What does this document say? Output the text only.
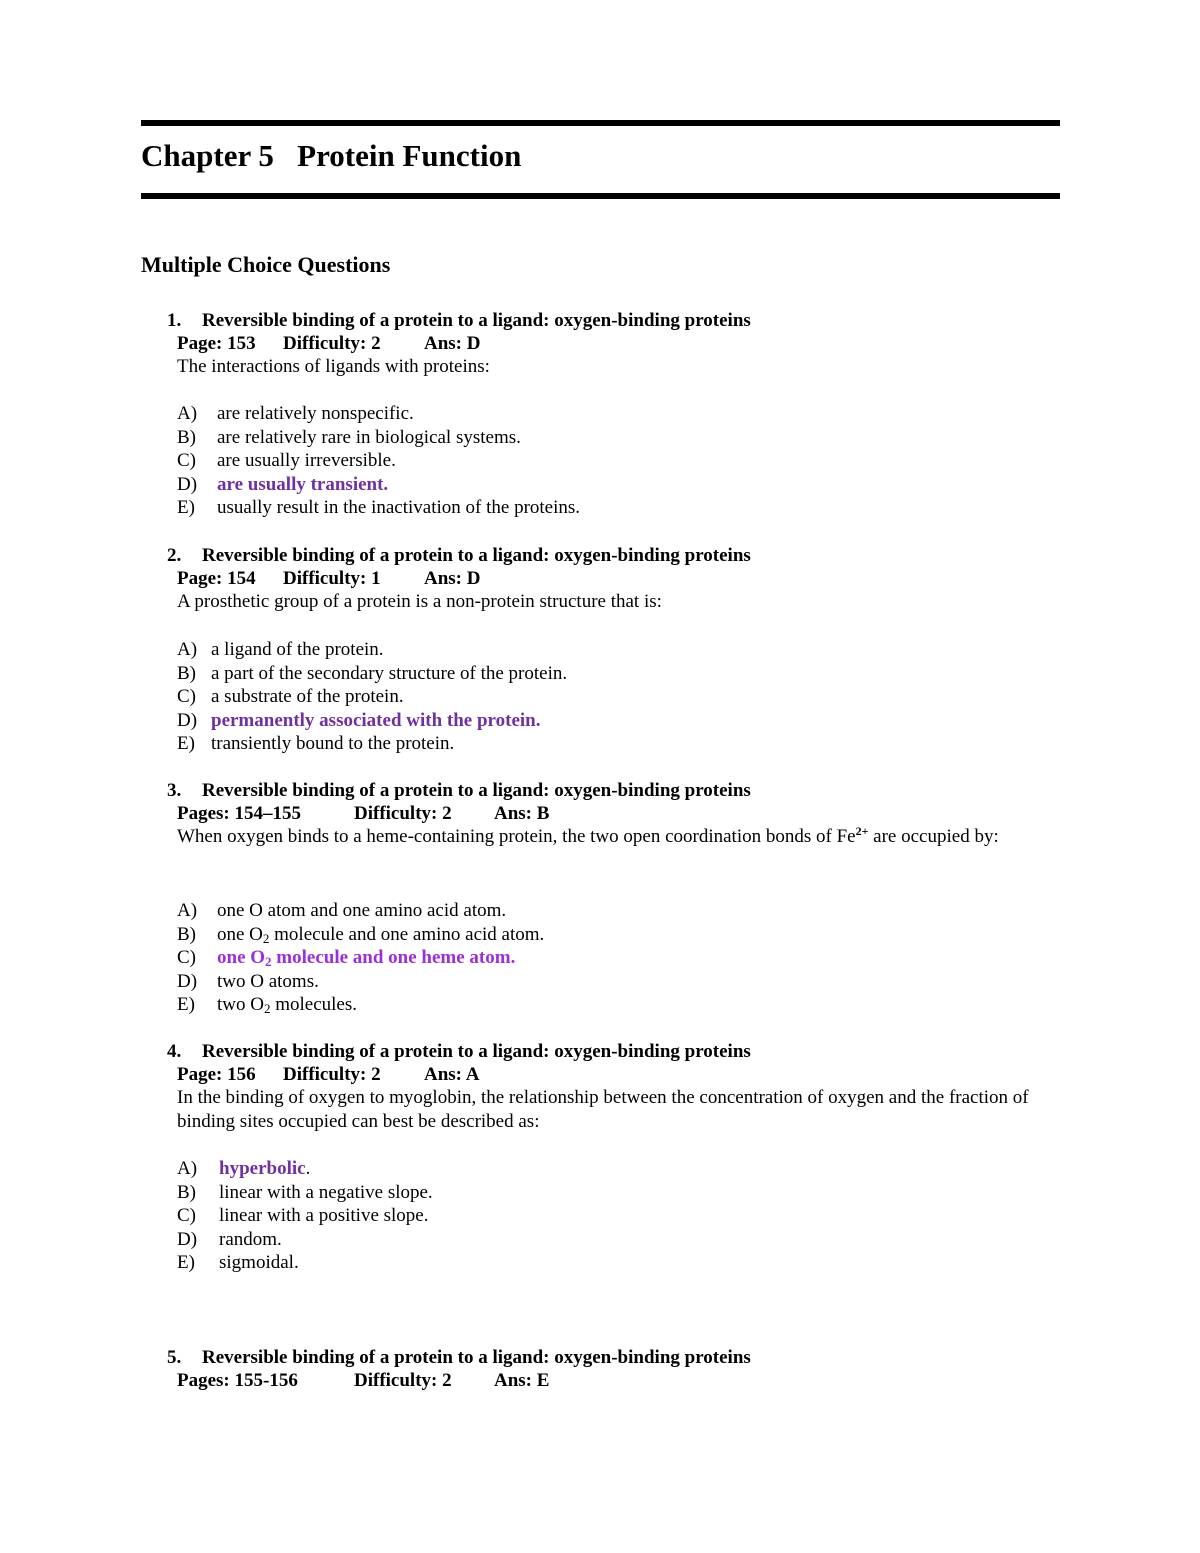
Chapter 5   Protein Function
Multiple Choice Questions
1. Reversible binding of a protein to a ligand: oxygen-binding proteins
Page: 153 Difficulty: 2 Ans: D
The interactions of ligands with proteins:
A) are relatively nonspecific.
B) are relatively rare in biological systems.
C) are usually irreversible.
D) are usually transient.
E) usually result in the inactivation of the proteins.
2. Reversible binding of a protein to a ligand: oxygen-binding proteins
Page: 154 Difficulty: 1 Ans: D
A prosthetic group of a protein is a non-protein structure that is:
A) a ligand of the protein.
B) a part of the secondary structure of the protein.
C) a substrate of the protein.
D) permanently associated with the protein.
E) transiently bound to the protein.
3. Reversible binding of a protein to a ligand: oxygen-binding proteins
Pages: 154–155	Difficulty: 2 Ans: B
When oxygen binds to a heme-containing protein, the two open coordination bonds of $Fe^{2+}$ are occupied by:
A) one O atom and one amino acid atom.
B) one $O_2$ molecule and one amino acid atom.
C) one $O_2$ molecule and one heme atom.
D) two O atoms.
E) two $O_2$ molecules.
4. Reversible binding of a protein to a ligand: oxygen-binding proteins
Page: 156 Difficulty: 2 Ans: A
In the binding of oxygen to myoglobin, the relationship between the concentration of oxygen and the fraction of binding sites occupied can best be described as:
A) hyperbolic.
B) linear with a negative slope.
C) linear with a positive slope.
D) random.
E) sigmoidal.
5. Reversible binding of a protein to a ligand: oxygen-binding proteins
Pages: 155-156	Difficulty: 2 Ans: E
